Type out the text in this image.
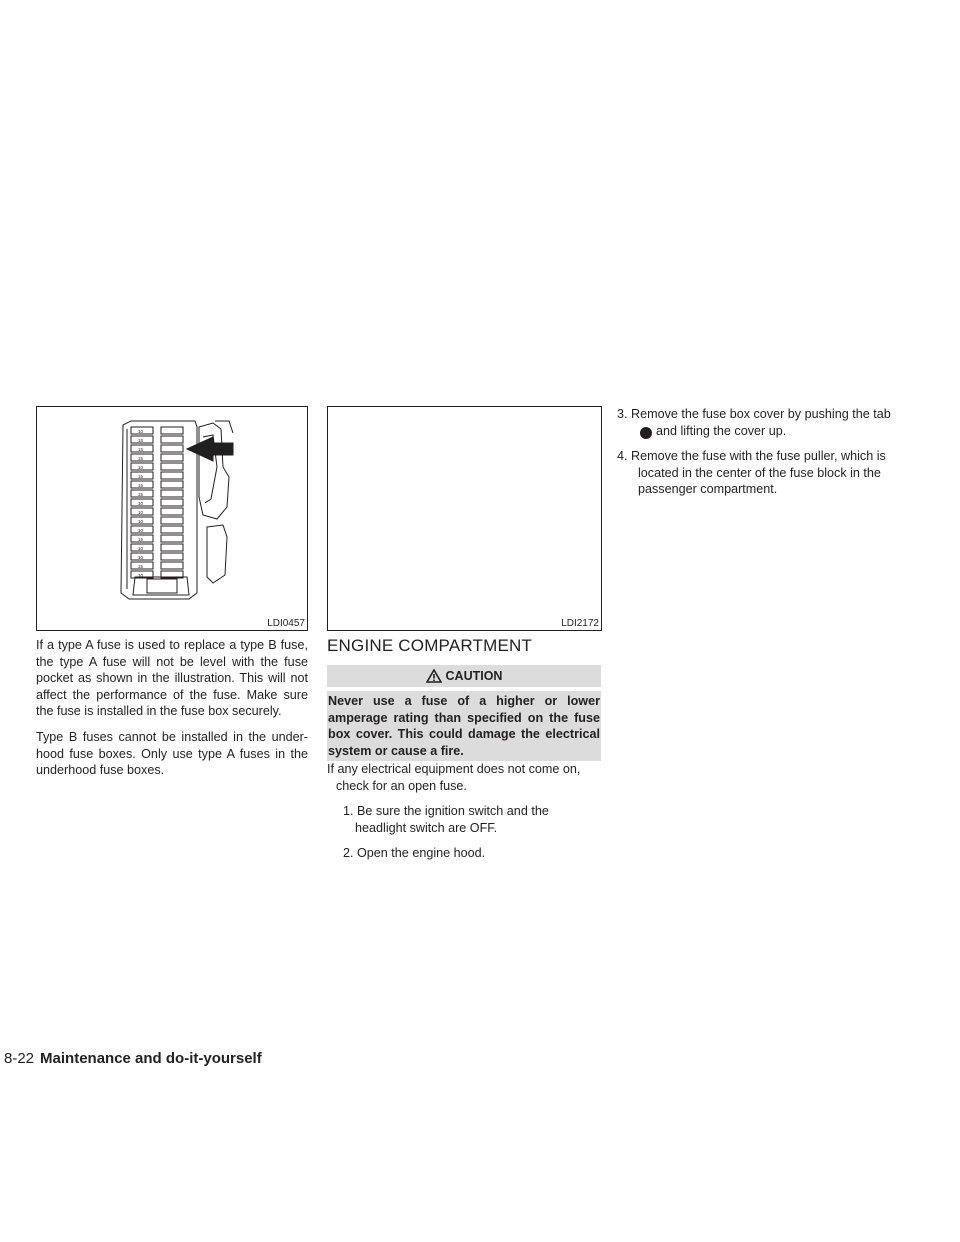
10
15
15
15
10
15
15
15
10
10
10
10
15
10
10
15
10
LDI0457	LDI2172

If a type A fuse is used to replace a type B fuse, the type A fuse will not be level with the fuse pocket as shown in the illustration. This will not affect the performance of the fuse. Make sure the fuse is installed in the fuse box securely.

Type B fuses cannot be installed in the under-hood fuse boxes. Only use type A fuses in the underhood fuse boxes.

ENGINE COMPARTMENT
CAUTION
Never use a fuse of a higher or lower amperage rating than specified on the fuse box cover. This could damage the electrical system or cause a fire.

If any electrical equipment does not come on, check for an open fuse.

1. Be sure the ignition switch and the headlight switch are OFF.

2. Open the engine hood.

3. Remove the fuse box cover by pushing the tab A and lifting the cover up.

4. Remove the fuse with the fuse puller, which is located in the center of the fuse block in the passenger compartment.

8-22 Maintenance and do-it-yourself
